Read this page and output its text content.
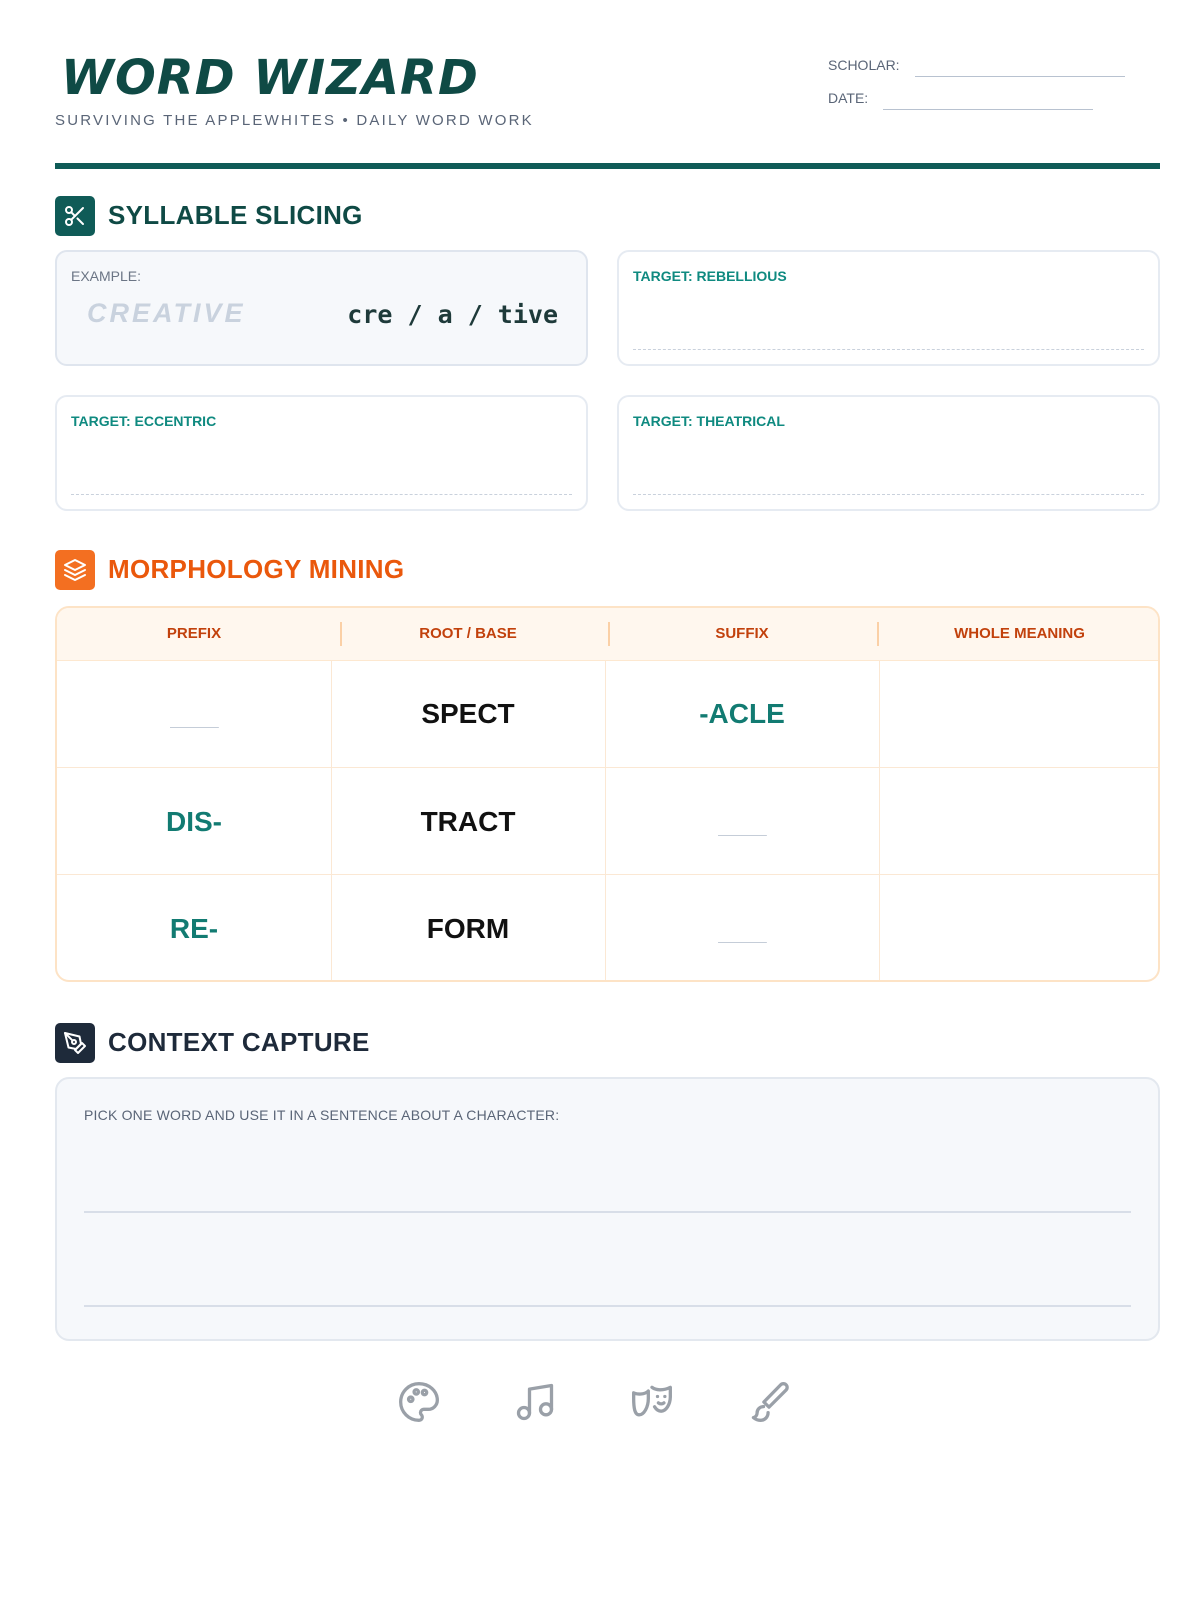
WORD WIZARD
SURVIVING THE APPLEWHITES • DAILY WORD WORK
SCHOLAR:
DATE:
SYLLABLE SLICING
EXAMPLE:
CREATIVE	cre / a / tive
TARGET: REBELLIOUS
TARGET: ECCENTRIC	TARGET: THEATRICAL
MORPHOLOGY MINING
PREFIX	ROOT / BASE	SUFFIX	WHOLE MEANING
______	SPECT	-ACLE
DIS-	TRACT	______
RE-	FORM	______
CONTEXT CAPTURE
PICK ONE WORD AND USE IT IN A SENTENCE ABOUT A CHARACTER:
